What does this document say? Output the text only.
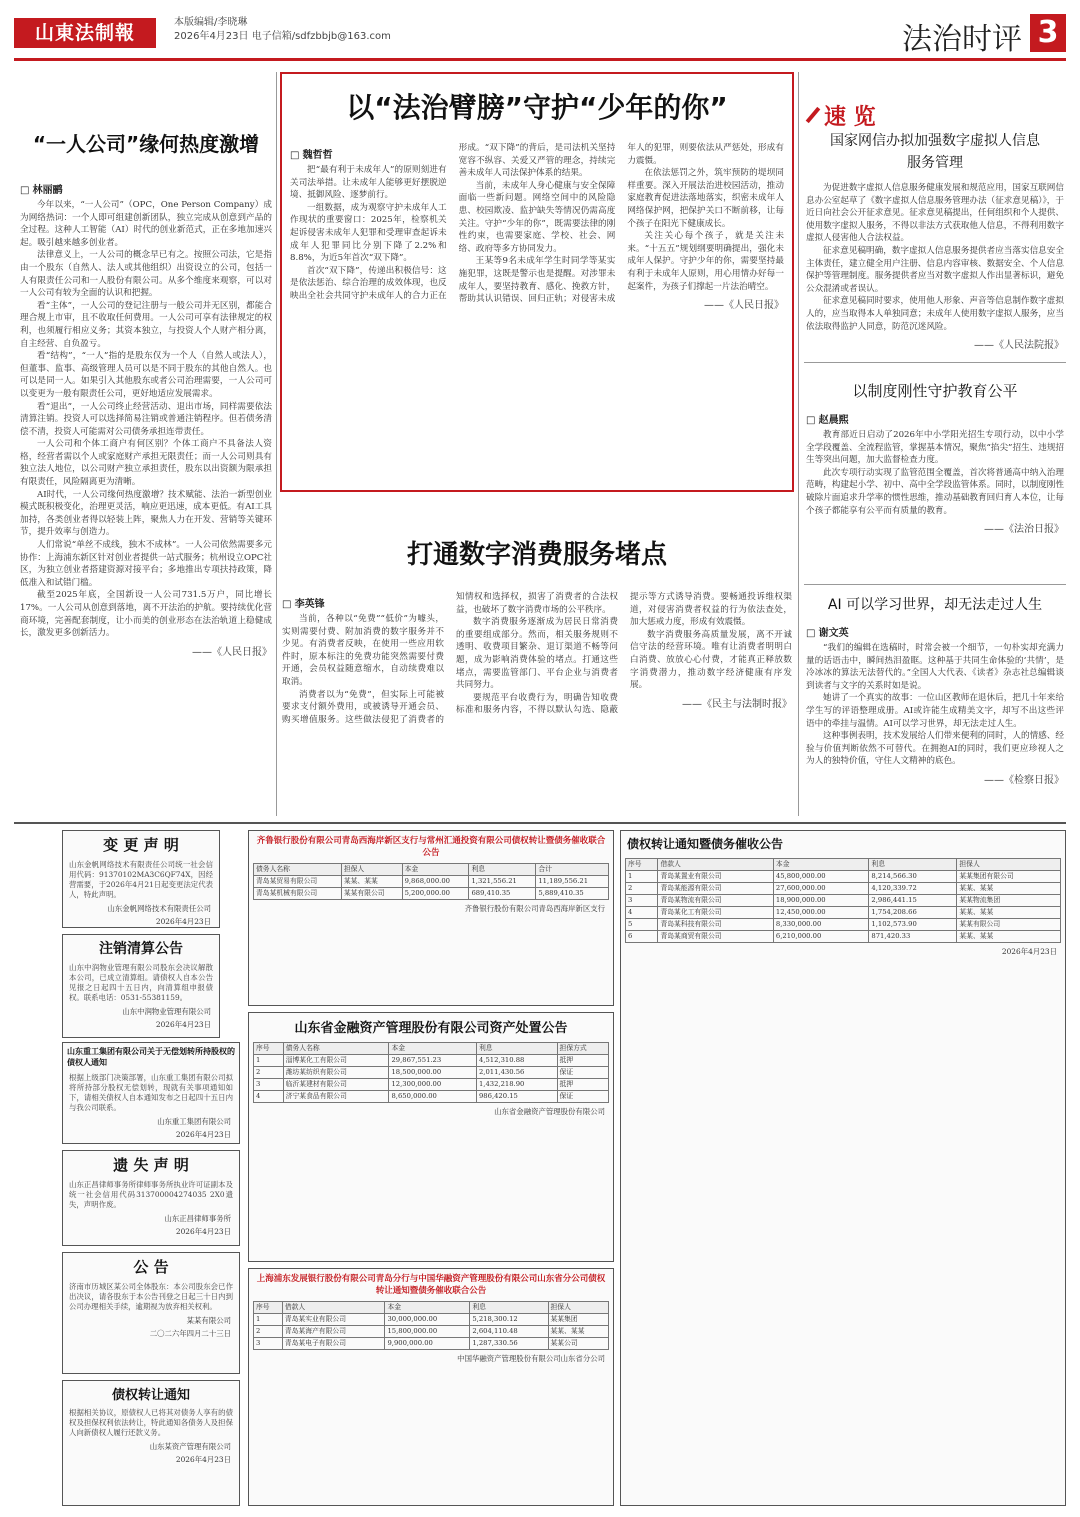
山東法制報	本版编辑/李晓琳
2026年4月23日 电子信箱/sdfzbbjb@163.com	法治时评 3
“一人公司”缘何热度激增
□ 林丽鹂

今年以来，“一人公司”（OPC，One Person Company）成为网络热词：一个人即可组建创新团队，独立完成从创意到产品的全过程。这种人工智能（AI）时代的创业新范式，正在多地加速兴起。吸引越来越多创业者。

法律意义上，一人公司的概念早已有之。按照公司法，它是指由一个股东（自然人、法人或其他组织）出资设立的公司，包括一人有限责任公司和一人股份有限公司。从多个维度来观察，可以对一人公司有较为全面的认识和把握。

看“主体”，一人公司的登记注册与一般公司并无区别，都能合理合规上市审，且不收取任何费用。一人公司可享有法律规定的权利，也须履行相应义务；其资本独立，与投资人个人财产相分离，自主经营、自负盈亏。

看“结构”，“一人”指的是股东仅为一个人（自然人或法人），但董事、监事、高级管理人员可以是不同于股东的其他自然人。也可以是同一人。如果引入其他股东或者公司治理需要，一人公司可以变更为一般有限责任公司，更好地适应发展需求。

看“退出”，一人公司终止经营活动、退出市场，同样需要依法清算注销。投资人可以选择简易注销或普通注销程序。但若债务清偿不清，投资人可能需对公司债务承担连带责任。

一人公司和个体工商户有何区别？个体工商户不具备法人资格，经营者需以个人或家庭财产承担无限责任；而一人公司则具有独立法人地位，以公司财产独立承担责任，股东以出资额为限承担有限责任，风险隔离更为清晰。

AI时代，一人公司缘何热度激增？技术赋能、法治一新型创业模式既积极变化，治理更灵活，响应更迅速，成本更低。有AI工具加持，各类创业者得以轻装上阵，聚焦人力在开发、营销等关键环节，提升效率与创造力。

人们常说“单丝不成线，独木不成林”。一人公司依然需要多元协作：上海浦东新区针对创业者提供一站式服务；杭州设立OPC社区，为独立创业者搭建资源对接平台；多地推出专项扶持政策，降低准入和试错门槛。

截至2025年底，全国新设一人公司731.5万户，同比增长17%。一人公司从创意到落地，离不开法治的护航。要持续优化营商环境，完善配套制度，让小而美的创业形态在法治轨道上稳健成长，激发更多创新活力。

——《人民日报》
以“法治臂膀”守护“少年的你”
□ 魏哲哲

把“最有利于未成年人”的原则刻进有关司法举措。让未成年人能够更好摆脱逆境、抵御风险、逐梦前行。

一组数据，成为观察守护未成年人工作现状的重要窗口：2025年，检察机关起诉侵害未成年人犯罪和受理审查起诉未成年人犯罪同比分别下降了2.2%和8.8%，为近5年首次“双下降”。

首次“双下降”，传递出积极信号：这是依法惩治、综合治理的成效体现，也反映出全社会共同守护未成年人的合力正在形成。“双下降”的背后，是司法机关坚持宽容不纵容、关爱又严管的理念，持续完善未成年人司法保护体系的结果。

当前，未成年人身心健康与安全保障面临一些新问题。网络空间中的风险隐患、校园欺凌、监护缺失等情况仍需高度关注。守护“少年的你”，既需要法律的刚性约束，也需要家庭、学校、社会、网络、政府等多方协同发力。

王某等9名未成年学生时同学等某实施犯罪，这既是警示也是提醒。对涉罪未成年人，要坚持教育、感化、挽救方针，帮助其认识错误、回归正轨；对侵害未成年人的犯罪，则要依法从严惩处，形成有力震慑。

在依法惩罚之外，筑牢预防的堤坝同样重要。深入开展法治进校园活动，推动家庭教育促进法落地落实，织密未成年人网络保护网，把保护关口不断前移，让每个孩子在阳光下健康成长。

关注关心每个孩子，就是关注未来。“十五五”规划纲要明确提出，强化未成年人保护。守护少年的你，需要坚持最有利于未成年人原则，用心用情办好每一起案件，为孩子们撑起一片法治晴空。

——《人民日报》
打通数字消费服务堵点
□ 李英锋

当前，各种以“免费”“低价”为噱头，实则需要付费、附加消费的数字服务并不少见。有消费者反映，在使用一些应用软件时，原本标注的免费功能突然需要付费开通，会员权益随意缩水，自动续费难以取消。

消费者以为“免费”，但实际上可能被要求支付额外费用，或被诱导开通会员、购买增值服务。这些做法侵犯了消费者的知情权和选择权，损害了消费者的合法权益，也破坏了数字消费市场的公平秩序。

数字消费服务逐渐成为居民日常消费的重要组成部分。然而，相关服务规则不透明、收费项目繁杂、退订渠道不畅等问题，成为影响消费体验的堵点。打通这些堵点，需要监管部门、平台企业与消费者共同努力。

要规范平台收费行为，明确告知收费标准和服务内容，不得以默认勾选、隐蔽提示等方式诱导消费。要畅通投诉维权渠道，对侵害消费者权益的行为依法查处，加大惩戒力度，形成有效震慑。

数字消费服务高质量发展，离不开诚信守法的经营环境。唯有让消费者明明白白消费、放放心心付费，才能真正释放数字消费潜力，推动数字经济健康有序发展。

——《民主与法制时报》
速 览
国家网信办拟加强数字虚拟人信息服务管理

为促进数字虚拟人信息服务健康发展和规范应用，国家互联网信息办公室起草了《数字虚拟人信息服务管理办法（征求意见稿）》，于近日向社会公开征求意见。征求意见稿提出，任何组织和个人提供、使用数字虚拟人服务，不得以非法方式获取他人信息，不得利用数字虚拟人侵害他人合法权益。

征求意见稿明确，数字虚拟人信息服务提供者应当落实信息安全主体责任，建立健全用户注册、信息内容审核、数据安全、个人信息保护等管理制度。服务提供者应当对数字虚拟人作出显著标识，避免公众混淆或者误认。

征求意见稿同时要求，使用他人形象、声音等信息制作数字虚拟人的，应当取得本人单独同意；未成年人使用数字虚拟人服务，应当依法取得监护人同意，防范沉迷风险。

——《人民法院报》
以制度刚性守护教育公平
□ 赵晨熙

教育部近日启动了2026年中小学阳光招生专项行动，以中小学全学段覆盖、全流程监管，掌握基本情况，聚焦“掐尖”招生、违规招生等突出问题，加大监督检查力度。

此次专项行动实现了监管范围全覆盖，首次将普通高中纳入治理范畴，构建起小学、初中、高中全学段监管体系。同时，以制度刚性破除片面追求升学率的惯性思维，推动基础教育回归育人本位，让每个孩子都能享有公平而有质量的教育。

——《法治日报》
AI 可以学习世界，却无法走过人生
□ 谢文英

“我们的编辑在选稿时，时常会被一个细节，一句朴实却充满力量的话语击中，瞬间热泪盈眶。这种基于共同生命体验的‘共情’，是冷冰冰的算法无法替代的。”全国人大代表、《读者》杂志社总编辑谈到读者与文字的关系时如是说。

她讲了一个真实的故事：一位山区教师在退休后，把几十年来给学生写的评语整理成册。AI或许能生成精美文字，却写不出这些评语中的牵挂与温情。AI可以学习世界，却无法走过人生。

这种事例表明，技术发展给人们带来便利的同时，人的情感、经验与价值判断依然不可替代。在拥抱AI的同时，我们更应珍视人之为人的独特价值，守住人文精神的底色。

——《检察日报》
变 更 声 明
山东金帆网络技术有限责任公司统一社会信用代码：91370102MA3C6QF74X，因经营需要，于2026年4月21日起变更法定代表人，特此声明。
山东金帆网络技术有限责任公司
2026年4月23日
注销清算公告
山东中润物业管理有限公司股东会决议解散本公司，已成立清算组。请债权人自本公告见报之日起四十五日内，向清算组申报债权。联系电话：0531-55381159。
山东中润物业管理有限公司
2026年4月23日
山东重工集团有限公司关于无偿划转所持股权的债权人通知
根据上级部门决策部署，山东重工集团有限公司拟将所持部分股权无偿划转，现就有关事项通知如下，请相关债权人自本通知发布之日起四十五日内与我公司联系。
山东重工集团有限公司
2026年4月23日
遗 失 声 明
山东正昌律师事务所律师事务所执业许可证副本及统一社会信用代码313700004274035 2X0遗失，声明作废。
山东正昌律师事务所
2026年4月23日
公 告
济南市历城区某公司全体股东：本公司股东会已作出决议，请各股东于本公告刊登之日起三十日内到公司办理相关手续，逾期视为放弃相关权利。
某某有限公司
二〇二六年四月二十三日
债权转让通知
根据相关协议，原债权人已将其对债务人享有的债权及担保权利依法转让，特此通知各债务人及担保人向新债权人履行还款义务。
山东某资产管理有限公司
2026年4月23日
齐鲁银行股份有限公司青岛西海岸新区支行与常州汇通投资有限公司债权转让暨债务催收联合公告
债务人名称	担保人	本金	利息	合计
青岛某贸易有限公司	某某、某某	9,868,000.00	1,321,556.21	11,189,556.21
青岛某机械有限公司	某某有限公司	5,200,000.00	689,410.35	5,889,410.35
齐鲁银行股份有限公司青岛西海岸新区支行
山东省金融资产管理股份有限公司资产处置公告
序号	债务人名称	本金	利息	担保方式
1	淄博某化工有限公司	29,867,551.23	4,512,310.88	抵押
2	潍坊某纺织有限公司	18,500,000.00	2,011,430.56	保证
3	临沂某建材有限公司	12,300,000.00	1,432,218.90	抵押
4	济宁某食品有限公司	8,650,000.00	986,420.15	保证
山东省金融资产管理股份有限公司
上海浦东发展银行股份有限公司青岛分行与中国华融资产管理股份有限公司山东省分公司债权转让通知暨债务催收联合公告
序号	借款人	本金	利息	担保人
1	青岛某实业有限公司	30,000,000.00	5,218,300.12	某某集团
2	青岛某海产有限公司	15,800,000.00	2,604,110.48	某某、某某
3	青岛某电子有限公司	9,900,000.00	1,287,330.56	某某公司
中国华融资产管理股份有限公司山东省分公司
债权转让通知暨债务催收公告
序号	借款人	本金	利息	担保人
1	青岛某置业有限公司	45,800,000.00	8,214,566.30	某某集团有限公司
2	青岛某能源有限公司	27,600,000.00	4,120,339.72	某某、某某
3	青岛某物流有限公司	18,900,000.00	2,986,441.15	某某物流集团
4	青岛某化工有限公司	12,450,000.00	1,754,208.66	某某、某某
5	青岛某科技有限公司	8,330,000.00	1,102,573.90	某某有限公司
6	青岛某商贸有限公司	6,210,000.00	871,420.33	某某、某某
2026年4月23日
